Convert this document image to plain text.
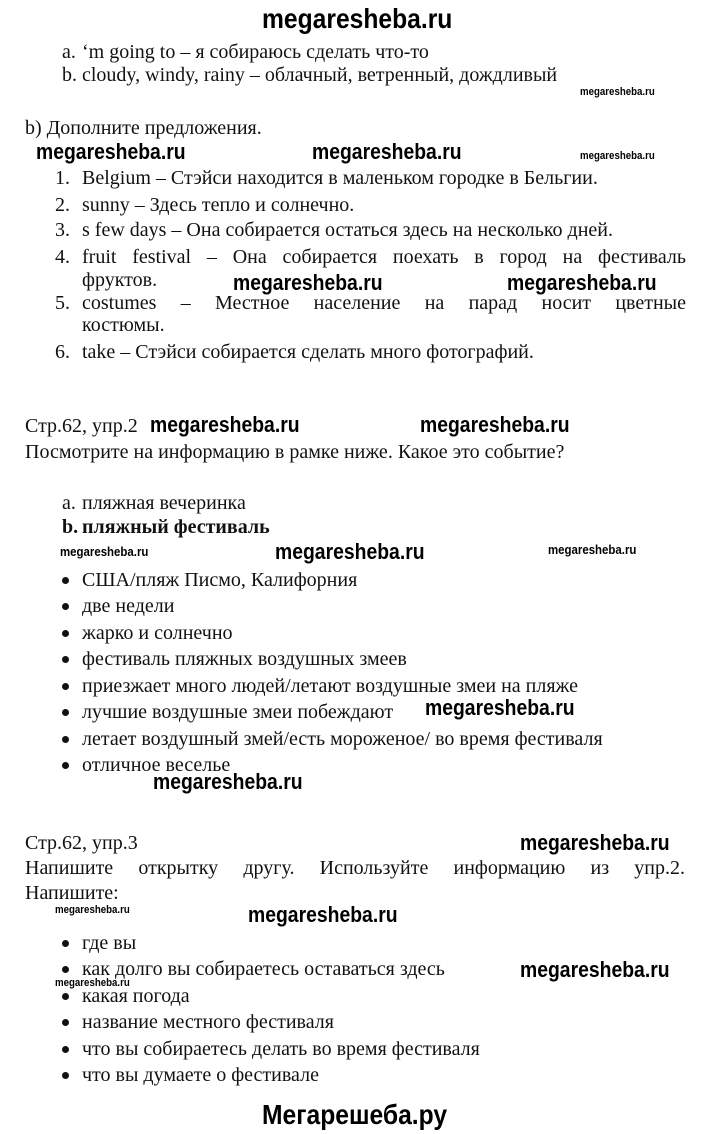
megaresheba.ru
a. ‘m going to – я собираюсь сделать что-то
b. cloudy, windy, rainy – облачный, ветренный, дождливый
megaresheba.ru
b) Дополните предложения.
megaresheba.ru	megaresheba.ru	megaresheba.ru
1. Belgium – Стэйси находится в маленьком городке в Бельгии.
2. sunny – Здесь тепло и солнечно.
3. s few days – Она собирается остаться здесь на несколько дней.
4. fruit festival – Она собирается поехать в город на фестиваль
фруктов.	megaresheba.ru	megaresheba.ru
5. costumes – Местное население на парад носит цветные
костюмы.
6. take – Стэйси собирается сделать много фотографий.
Стр.62, упр.2 megaresheba.ru	megaresheba.ru
Посмотрите на информацию в рамке ниже. Какое это событие?
a. пляжная вечеринка
b. пляжный фестиваль
megaresheba.ru	megaresheba.ru	megaresheba.ru
США/пляж Писмо, Калифорния
две недели
жарко и солнечно
фестиваль пляжных воздушных змеев
приезжает много людей/летают воздушные змеи на пляже
лучшие воздушные змеи побеждают
летает воздушный змей/есть мороженое/ во время фестиваля
отличное веселье
megaresheba.ru
megaresheba.ru
Стр.62, упр.3	megaresheba.ru
Напишите открытку другу. Используйте информацию из упр.2.
Напишите:
megaresheba.ru	megaresheba.ru
где вы
как долго вы собираетесь оставаться здесь
какая погода
название местного фестиваля
что вы собираетесь делать во время фестиваля
что вы думаете о фестивале
megaresheba.ru
megaresheba.ru
Мегарешеба.ру
